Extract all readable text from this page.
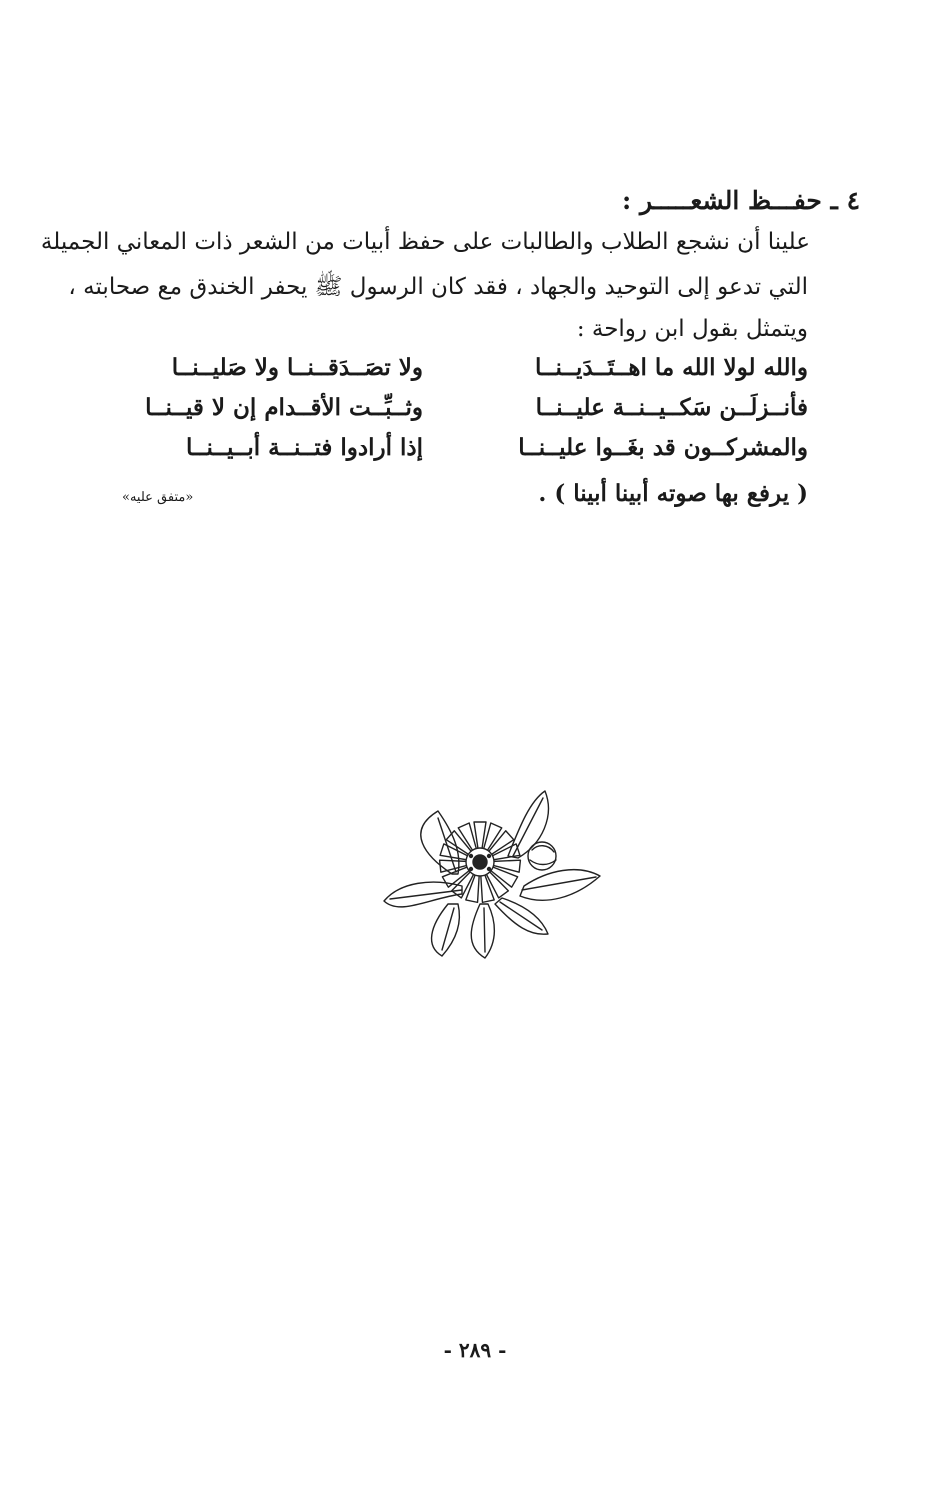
٤ ـ حفـــظ الشعـــــر :
علينا أن نشجع الطلاب والطالبات على حفظ أبيات من الشعر ذات المعاني الجميلة
التي تدعو إلى التوحيد والجهاد ، فقد كان الرسول ﷺ يحفر الخندق مع صحابته ،
ويتمثل بقول ابن رواحة :
والله لولا الله ما اهــتَــدَيــنــا
ولا تصَــدَقــنــا ولا صَليــنــا
فأنــزلَــن سَكــيــنــة عليــنــا
وثــبِّــت الأقــدام إن لا قيــنــا
والمشركــون قد بغَــوا عليــنــا
إذا أرادوا فتــنــة أبــيــنــا
( يرفع بها صوته أبينا أبينا ) .
«متفق عليه»
- ٢٨٩ -
